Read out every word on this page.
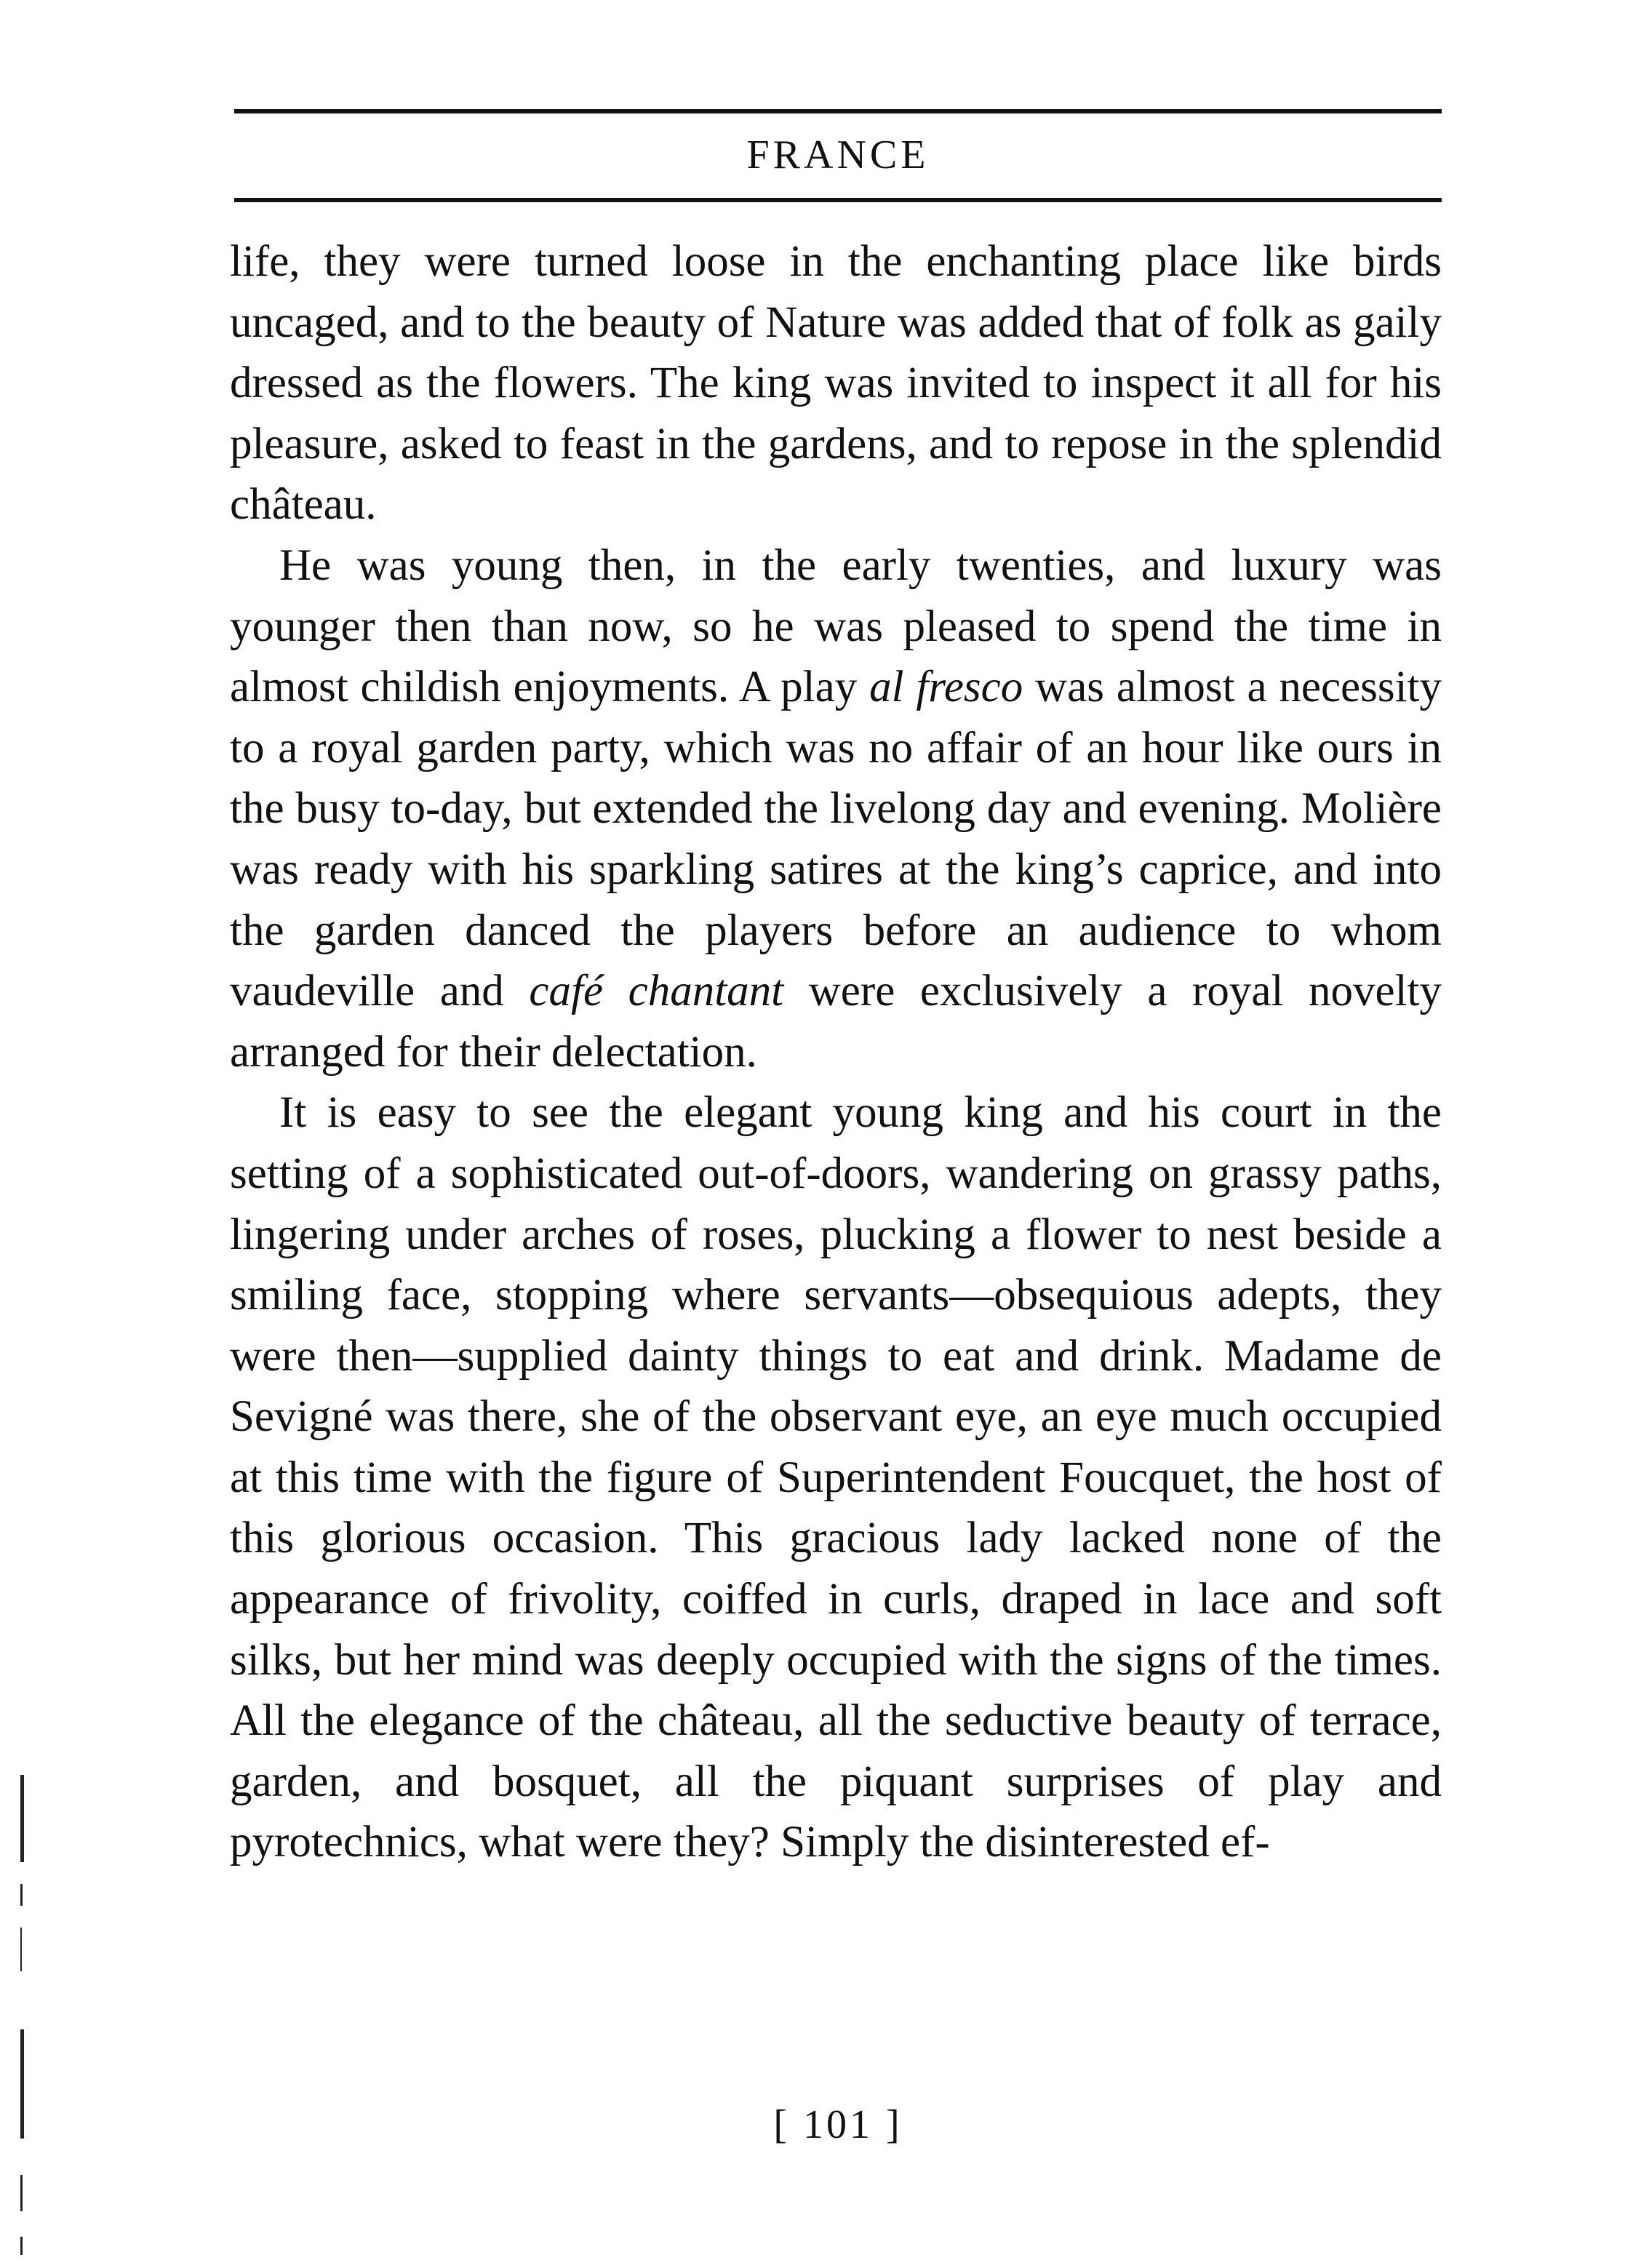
FRANCE

life, they were turned loose in the enchanting place like birds uncaged, and to the beauty of Nature was added that of folk as gaily dressed as the flowers. The king was invited to inspect it all for his pleasure, asked to feast in the gardens, and to repose in the splendid château.

He was young then, in the early twenties, and luxury was younger then than now, so he was pleased to spend the time in almost childish enjoyments. A play al fresco was almost a necessity to a royal garden party, which was no affair of an hour like ours in the busy to-day, but extended the livelong day and evening. Molière was ready with his sparkling satires at the king’s caprice, and into the garden danced the players before an audience to whom vaudeville and café chantant were exclusively a royal novelty arranged for their delectation.

It is easy to see the elegant young king and his court in the setting of a sophisticated out-of-doors, wandering on grassy paths, lingering under arches of roses, plucking a flower to nest beside a smiling face, stopping where servants—obsequious adepts, they were then—supplied dainty things to eat and drink. Madame de Sevigné was there, she of the observant eye, an eye much occupied at this time with the figure of Superintendent Foucquet, the host of this glorious occasion. This gracious lady lacked none of the appearance of frivolity, coiffed in curls, draped in lace and soft silks, but her mind was deeply occupied with the signs of the times. All the elegance of the château, all the seductive beauty of terrace, garden, and bosquet, all the piquant surprises of play and pyrotechnics, what were they? Simply the disinterested ef-

[ 101 ]
